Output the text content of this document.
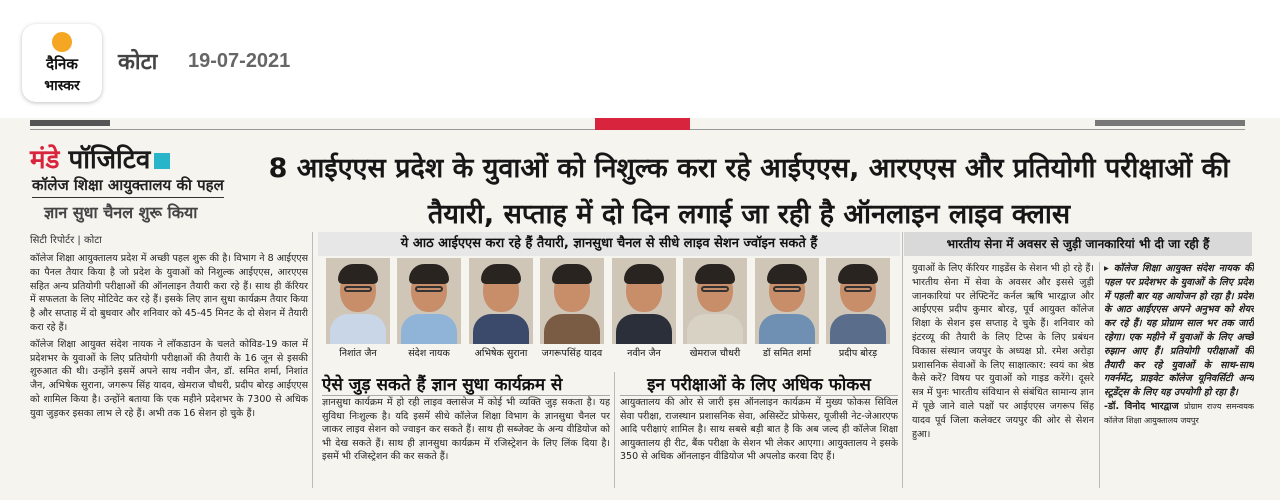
दैनिक
भास्कर
कोटा 19-07-2021
मंडे पॉजिटिव
कॉलेज शिक्षा आयुक्तालय की पहल
ज्ञान सुधा चैनल शुरू किया
सिटी रिपोर्टर | कोटा

कॉलेज शिक्षा आयुक्तालय प्रदेश में अच्छी पहल शुरू की है। विभाग ने 8 आईएएस का पैनल तैयार किया है जो प्रदेश के युवाओं को निशुल्क आईएएस, आरएएस सहित अन्य प्रतियोगी परीक्षाओं की ऑनलाइन तैयारी करा रहे हैं। साथ ही कॅरियर में सफलता के लिए मोटिवेट कर रहे हैं। इसके लिए ज्ञान सुधा कार्यक्रम तैयार किया है और सप्ताह में दो बुधवार और शनिवार को 45-45 मिनट के दो सेशन में तैयारी करा रहे हैं।

कॉलेज शिक्षा आयुक्त संदेश नायक ने लॉकडाउन के चलते कोविड-19 काल में प्रदेशभर के युवाओं के लिए प्रतियोगी परीक्षाओं की तैयारी के 16 जून से इसकी शुरुआत की थी। उन्होंने इसमें अपने साथ नवीन जैन, डॉ. समित शर्मा, निशांत जैन, अभिषेक सुराना, जगरूप सिंह यादव, खेमराज चौधरी, प्रदीप बोरड़ आईएएस को शामिल किया है। उन्होंने बताया कि एक महीने प्रदेशभर के 7300 से अधिक युवा जुड़कर इसका लाभ ले रहे हैं। अभी तक 16 सेशन हो चुके हैं।

8 आईएएस प्रदेश के युवाओं को निशुल्क करा रहे आईएएस, आरएएस और प्रतियोगी परीक्षाओं की तैयारी, सप्ताह में दो दिन लगाई जा रही है ऑनलाइन लाइव क्लास
ये आठ आईएएस करा रहे हैं तैयारी, ज्ञानसुधा चैनल से सीधे लाइव सेशन ज्वॉइन सकते हैं	भारतीय सेना में अवसर से जुड़ी जानकारियां भी दी जा रही हैं
निशांत जैन	संदेश नायक	अभिषेक सुराना	जगरूपसिंह यादव	नवीन जैन	खेमराज चौधरी	डॉ समित शर्मा	प्रदीप बोरड़
ऐसे जुड़ सकते हैं ज्ञान सुधा कार्यक्रम से
ज्ञानसुधा कार्यक्रम में हो रही लाइव क्लासेज में कोई भी व्यक्ति जुड़ सकता है। यह सुविधा निःशुल्क है। यदि इसमें सीधे कॉलेज शिक्षा विभाग के ज्ञानसुधा चैनल पर जाकर लाइव सेशन को ज्वाइन कर सकते हैं। साथ ही सब्जेक्ट के अन्य वीडियोज को भी देख सकते हैं। साथ ही ज्ञानसुधा कार्यक्रम में रजिस्ट्रेशन के लिए लिंक दिया है। इसमें भी रजिस्ट्रेशन की कर सकते हैं।
इन परीक्षाओं के लिए अधिक फोकस
आयुक्तालय की ओर से जारी इस ऑनलाइन कार्यक्रम में मुख्य फोकस सिविल सेवा परीक्षा, राजस्थान प्रशासनिक सेवा, असिस्टेंट प्रोफेसर, यूजीसी नेट-जेआरएफ आदि परीक्षाएं शामिल है। साथ सबसे बड़ी बात है कि अब जल्द ही कॉलेज शिक्षा आयुक्तालय ही रीट, बैंक परीक्षा के सेशन भी लेकर आएगा। आयुक्तालय ने इसके 350 से अधिक ऑनलाइन वीडियोज भी अपलोड करवा दिए हैं।
युवाओं के लिए कॅरियर गाइडेंस के सेशन भी हो रहे हैं। भारतीय सेना में सेवा के अवसर और इससे जुड़ी जानकारियां पर लेफ्टिनेंट कर्नल ऋषि भारद्वाज और आईएएस प्रदीप कुमार बोरड़, पूर्व आयुक्त कॉलेज शिक्षा के सेशन इस सप्ताह दे चुके हैं। शनिवार को इंटरव्यू की तैयारी के लिए टिप्स के लिए प्रबंधन विकास संस्थान जयपुर के अध्यक्ष प्रो. रमेश अरोड़ा प्रशासनिक सेवाओं के लिए साक्षात्कार: स्वयं का श्रेष्ठ कैसे करें? विषय पर युवाओं को गाइड करेंगे। दूसरे सत्र में पुनः भारतीय संविधान से संबंधित सामान्य ज्ञान में पूछे जाने वाले पक्षों पर आईएएस जगरूप सिंह यादव पूर्व जिला कलेक्टर जयपुर की ओर से सेशन हुआ।
▸ कॉलेज शिक्षा आयुक्त संदेश नायक की पहल पर प्रदेशभर के युवाओं के लिए प्रदेश में पहली बार यह आयोजन हो रहा है। प्रदेश के आठ आईएएस अपने अनुभव को शेयर कर रहे हैं। यह प्रोग्राम साल भर तक जारी रहेगा। एक महीने में युवाओं के लिए अच्छे रुझान आए हैं। प्रतियोगी परीक्षाओं की तैयारी कर रहे युवाओं के साथ-साथ गवर्नमेंट, प्राइवेट कॉलेज यूनिवर्सिटी अन्य स्टूडेंट्स के लिए यह उपयोगी हो रहा है।
-डॉ. विनोद भारद्वाज प्रोग्राम राज्य समन्वयक कॉलेज शिक्षा आयुक्तालय जयपुर
